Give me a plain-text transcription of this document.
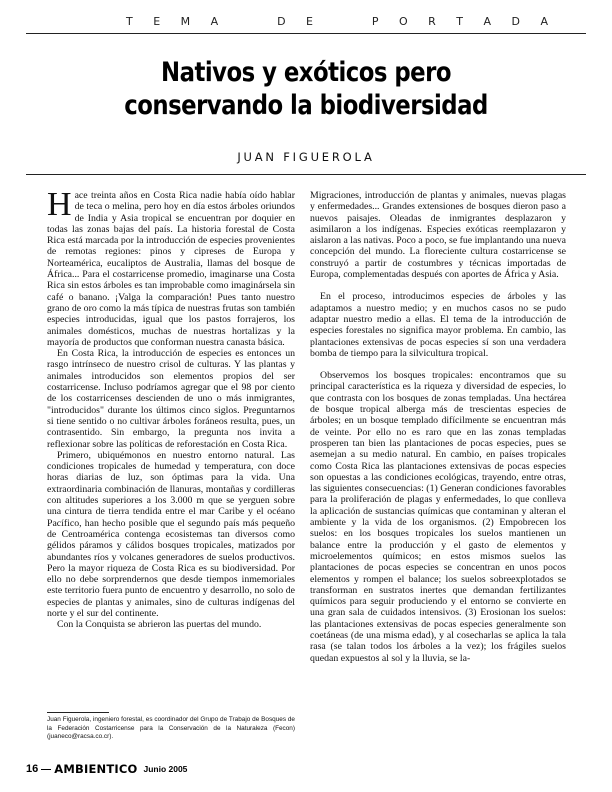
T E M A	D E	P O R T A D A
Nativos y exóticos pero
conservando la biodiversidad
JUAN FIGUEROLA

Hace treinta años en Costa Rica nadie había oído hablar de teca o melina, pero hoy en día estos árboles oriundos de India y Asia tropical se encuentran por doquier en todas las zonas bajas del país. La historia forestal de Costa Rica está marcada por la introducción de especies provenientes de remotas regiones: pinos y cipreses de Europa y Norteamérica, eucaliptos de Australia, llamas del bosque de África... Para el costarricense promedio, imaginarse una Costa Rica sin estos árboles es tan improbable como imaginársela sin café o banano. ¡Valga la comparación! Pues tanto nuestro grano de oro como la más típica de nuestras frutas son también especies introducidas, igual que los pastos forrajeros, los animales domésticos, muchas de nuestras hortalizas y la mayoría de productos que conforman nuestra canasta básica.

En Costa Rica, la introducción de especies es entonces un rasgo intrínseco de nuestro crisol de culturas. Y las plantas y animales introducidos son elementos propios del ser costarricense. Incluso podríamos agregar que el 98 por ciento de los costarricenses descienden de uno o más inmigrantes, "introducidos" durante los últimos cinco siglos. Preguntarnos si tiene sentido o no cultivar árboles foráneos resulta, pues, un contrasentido. Sin embargo, la pregunta nos invita a reflexionar sobre las políticas de reforestación en Costa Rica.

Primero, ubiquémonos en nuestro entorno natural. Las condiciones tropicales de humedad y temperatura, con doce horas diarias de luz, son óptimas para la vida. Una extraordinaria combinación de llanuras, montañas y cordilleras con altitudes superiores a los 3.000 m que se yerguen sobre una cintura de tierra tendida entre el mar Caribe y el océano Pacífico, han hecho posible que el segundo país más pequeño de Centroamérica contenga ecosistemas tan diversos como gélidos páramos y cálidos bosques tropicales, matizados por abundantes ríos y volcanes generadores de suelos productivos. Pero la mayor riqueza de Costa Rica es su biodiversidad. Por ello no debe sorprendernos que desde tiempos inmemoriales este territorio fuera punto de encuentro y desarrollo, no solo de especies de plantas y animales, sino de culturas indígenas del norte y el sur del continente.

Con la Conquista se abrieron las puertas del mundo.

Migraciones, introducción de plantas y animales, nuevas plagas y enfermedades... Grandes extensiones de bosques dieron paso a nuevos paisajes. Oleadas de inmigrantes desplazaron y asimilaron a los indígenas. Especies exóticas reemplazaron y aislaron a las nativas. Poco a poco, se fue implantando una nueva concepción del mundo. La floreciente cultura costarricense se construyó a partir de costumbres y técnicas importadas de Europa, complementadas después con aportes de África y Asia.

En el proceso, introducimos especies de árboles y las adaptamos a nuestro medio; y en muchos casos no se pudo adaptar nuestro medio a ellas. El tema de la introducción de especies forestales no significa mayor problema. En cambio, las plantaciones extensivas de pocas especies sí son una verdadera bomba de tiempo para la silvicultura tropical.

Observemos los bosques tropicales: encontramos que su principal característica es la riqueza y diversidad de especies, lo que contrasta con los bosques de zonas templadas. Una hectárea de bosque tropical alberga más de trescientas especies de árboles; en un bosque templado difícilmente se encuentran más de veinte. Por ello no es raro que en las zonas templadas prosperen tan bien las plantaciones de pocas especies, pues se asemejan a su medio natural. En cambio, en países tropicales como Costa Rica las plantaciones extensivas de pocas especies son opuestas a las condiciones ecológicas, trayendo, entre otras, las siguientes consecuencias: (1) Generan condiciones favorables para la proliferación de plagas y enfermedades, lo que conlleva la aplicación de sustancias químicas que contaminan y alteran el ambiente y la vida de los organismos. (2) Empobrecen los suelos: en los bosques tropicales los suelos mantienen un balance entre la producción y el gasto de elementos y microelementos químicos; en estos mismos suelos las plantaciones de pocas especies se concentran en unos pocos elementos y rompen el balance; los suelos sobreexplotados se transforman en sustratos inertes que demandan fertilizantes químicos para seguir produciendo y el entorno se convierte en una gran sala de cuidados intensivos. (3) Erosionan los suelos: las plantaciones extensivas de pocas especies generalmente son coetáneas (de una misma edad), y al cosecharlas se aplica la tala rasa (se talan todos los árboles a la vez); los frágiles suelos quedan expuestos al sol y la lluvia, se la-

Juan Figuerola, ingeniero forestal, es coordinador del Grupo de Trabajo de Bosques de la Federación Costarricense para la Conservación de la Naturaleza (Fecon) (juaneco@racsa.co.cr).
16 AMBIENTICO Junio 2005
